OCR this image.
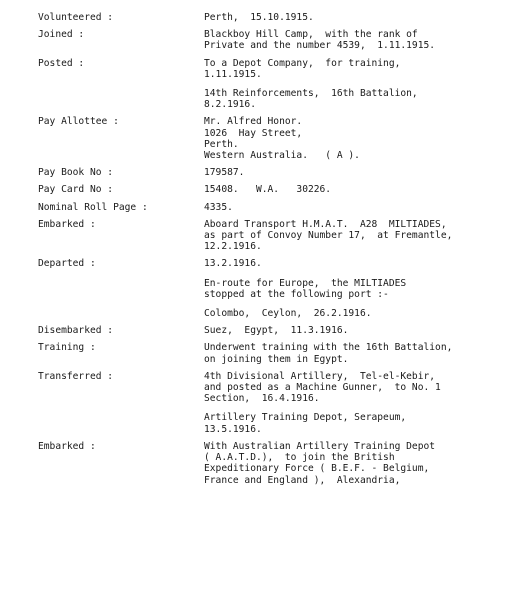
Volunteered :	Perth,  15.10.1915.
Joined :	Blackboy Hill Camp,  with the rank of
Private and the number 4539,  1.11.1915.
Posted :	To a Depot Company,  for training,
1.11.1915.
14th Reinforcements,  16th Battalion,
8.2.1916.
Pay Allottee :	Mr. Alfred Honor.
1026  Hay Street,
Perth.
Western Australia.   ( A ).
Pay Book No :	179587.
Pay Card No :	15408.   W.A.   30226.
Nominal Roll Page :	4335.
Embarked :	Aboard Transport H.M.A.T.  A28  MILTIADES,
as part of Convoy Number 17,  at Fremantle,
12.2.1916.
Departed :	13.2.1916.
En-route for Europe,  the MILTIADES
stopped at the following port :-
Colombo,  Ceylon,  26.2.1916.
Disembarked :	Suez,  Egypt,  11.3.1916.
Training :	Underwent training with the 16th Battalion,
on joining them in Egypt.
Transferred :	4th Divisional Artillery,  Tel-el-Kebir,
and posted as a Machine Gunner,  to No. 1
Section,  16.4.1916.
Artillery Training Depot, Serapeum,
13.5.1916.
Embarked :	With Australian Artillery Training Depot
( A.A.T.D.),  to join the British
Expeditionary Force ( B.E.F. - Belgium,
France and England ),  Alexandria,
